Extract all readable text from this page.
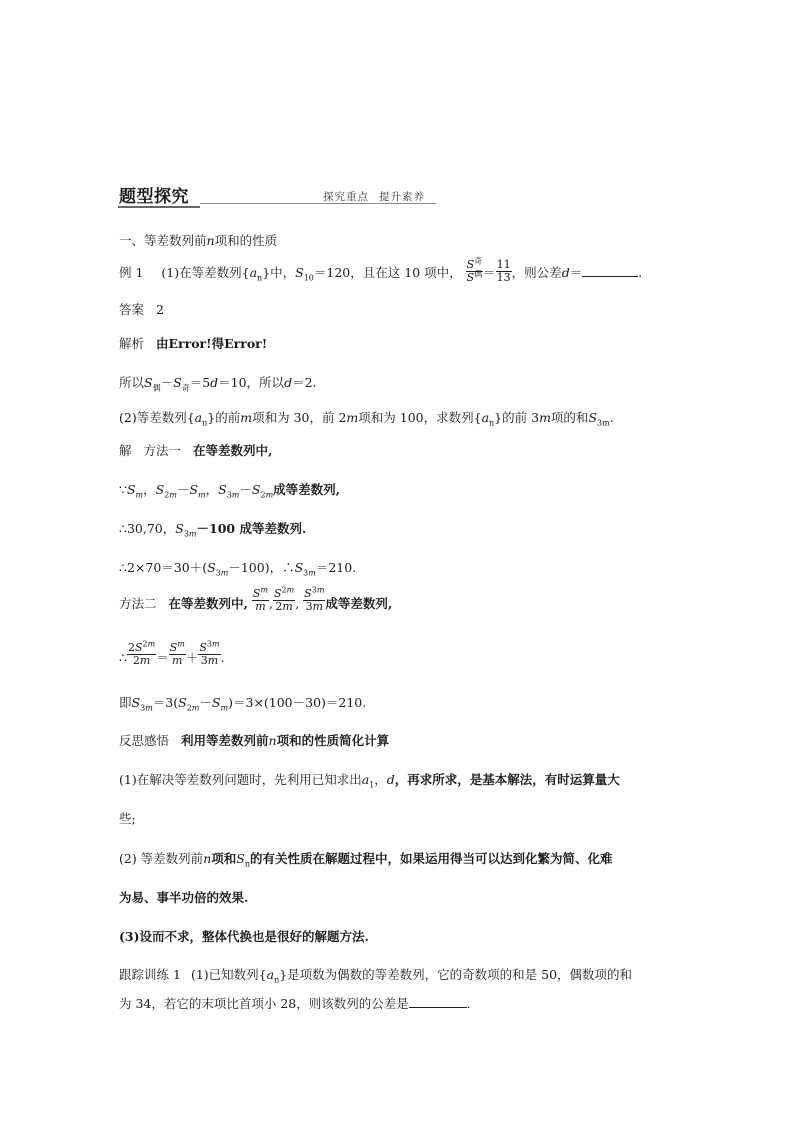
题型探究	探究重点 提升素养
一、等差数列前n项和的性质
例 1 (1)在等差数列$\{a_n\}$中，$S_{10}=120$，且在这 10 项中， $\frac{S^奇}{S^偶} = \frac{11}{13}$ ，则公差d＝	.
答案 2
解析 由Error!得Error!
所以$S_偶-S_奇=5d=10$，所以d＝2.
(2)等差数列$\{a_n\}$的前m项和为 30，前 2m项和为 100，求数列$\{a_n\}$的前 3m项的和$S_{3m}$.
解 方法一 在等差数列中,
$\because S_m$，$S_{2m}-S_m$，$S_{3m}-S_{2m}$成等差数列,
∴30,70，$S_{3m}-100$ 成等差数列.
$\therefore 2\times 70=30+(S_{3m}-100)$，$\therefore S_{3m}=210$.
方法二 在等差数列中, $\frac{S^m}{m}$ , $\frac{S^{2m}}{2m}$ , $\frac{S^{3m}}{3m}$ 成等差数列,
∴ $\frac{2S^{2m}}{2m} = \frac{S^m}{m} + \frac{S^{3m}}{3m}$ .
即$S_{3m}=3(S_{2m}-S_m)=3\times(100-30)=210$.
反思感悟 利用等差数列前n项和的性质简化计算
(1)在解决等差数列问题时，先利用已知求出$a_1$，d，再求所求，是基本解法，有时运算量大
些;
(2) 等差数列前n项和$S_n$的有关性质在解题过程中，如果运用得当可以达到化繁为简、化难
为易、事半功倍的效果.
(3)设而不求，整体代换也是很好的解题方法.
跟踪训练 1 (1)已知数列$\{a_n\}$是项数为偶数的等差数列，它的奇数项的和是 50，偶数项的和
为 34，若它的末项比首项小 28，则该数列的公差是	.
